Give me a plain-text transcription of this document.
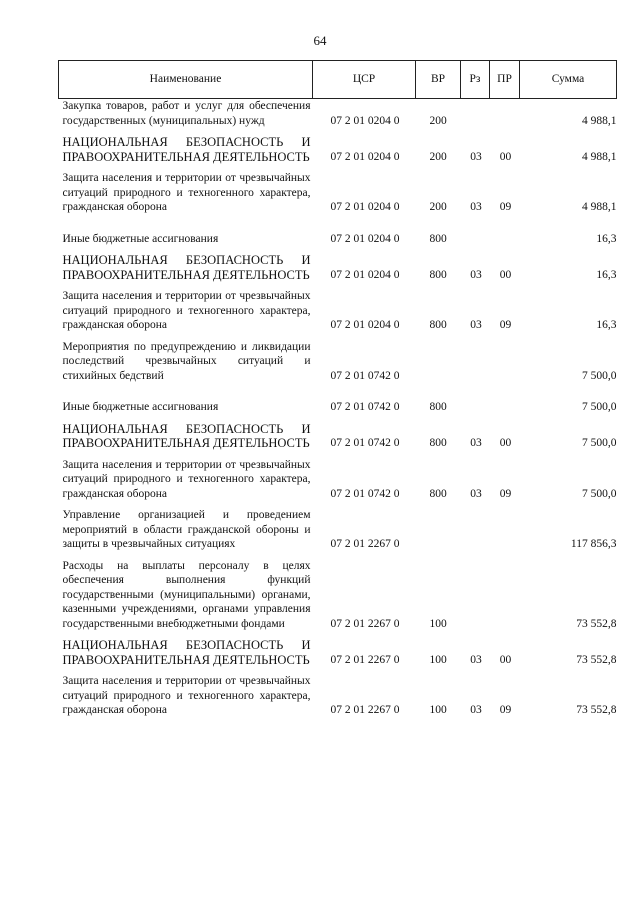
64
Наименование	ЦСР	ВР	Рз	ПР	Сумма
Закупка товаров, работ и услуг для обеспечения государственных (муниципальных) нужд	07 2 01 0204 0	200			4 988,1
НАЦИОНАЛЬНАЯ БЕЗОПАСНОСТЬ И ПРАВООХРАНИТЕЛЬНАЯ ДЕЯТЕЛЬНОСТЬ	07 2 01 0204 0	200	03	00	4 988,1
Защита населения и территории от чрезвычайных ситуаций природного и техногенного характера, гражданская оборона	07 2 01 0204 0	200	03	09	4 988,1
Иные бюджетные ассигнования	07 2 01 0204 0	800			16,3
НАЦИОНАЛЬНАЯ БЕЗОПАСНОСТЬ И ПРАВООХРАНИТЕЛЬНАЯ ДЕЯТЕЛЬНОСТЬ	07 2 01 0204 0	800	03	00	16,3
Защита населения и территории от чрезвычайных ситуаций природного и техногенного характера, гражданская оборона	07 2 01 0204 0	800	03	09	16,3
Мероприятия по предупреждению и ликвидации последствий чрезвычайных ситуаций и стихийных бедствий	07 2 01 0742 0				7 500,0
Иные бюджетные ассигнования	07 2 01 0742 0	800			7 500,0
НАЦИОНАЛЬНАЯ БЕЗОПАСНОСТЬ И ПРАВООХРАНИТЕЛЬНАЯ ДЕЯТЕЛЬНОСТЬ	07 2 01 0742 0	800	03	00	7 500,0
Защита населения и территории от чрезвычайных ситуаций природного и техногенного характера, гражданская оборона	07 2 01 0742 0	800	03	09	7 500,0
Управление организацией и проведением мероприятий в области гражданской обороны и защиты в чрезвычайных ситуациях	07 2 01 2267 0				117 856,3
Расходы на выплаты персоналу в целях обеспечения выполнения функций государственными (муниципальными) органами, казенными учреждениями, органами управления государственными внебюджетными фондами	07 2 01 2267 0	100			73 552,8
НАЦИОНАЛЬНАЯ БЕЗОПАСНОСТЬ И ПРАВООХРАНИТЕЛЬНАЯ ДЕЯТЕЛЬНОСТЬ	07 2 01 2267 0	100	03	00	73 552,8
Защита населения и территории от чрезвычайных ситуаций природного и техногенного характера, гражданская оборона	07 2 01 2267 0	100	03	09	73 552,8
